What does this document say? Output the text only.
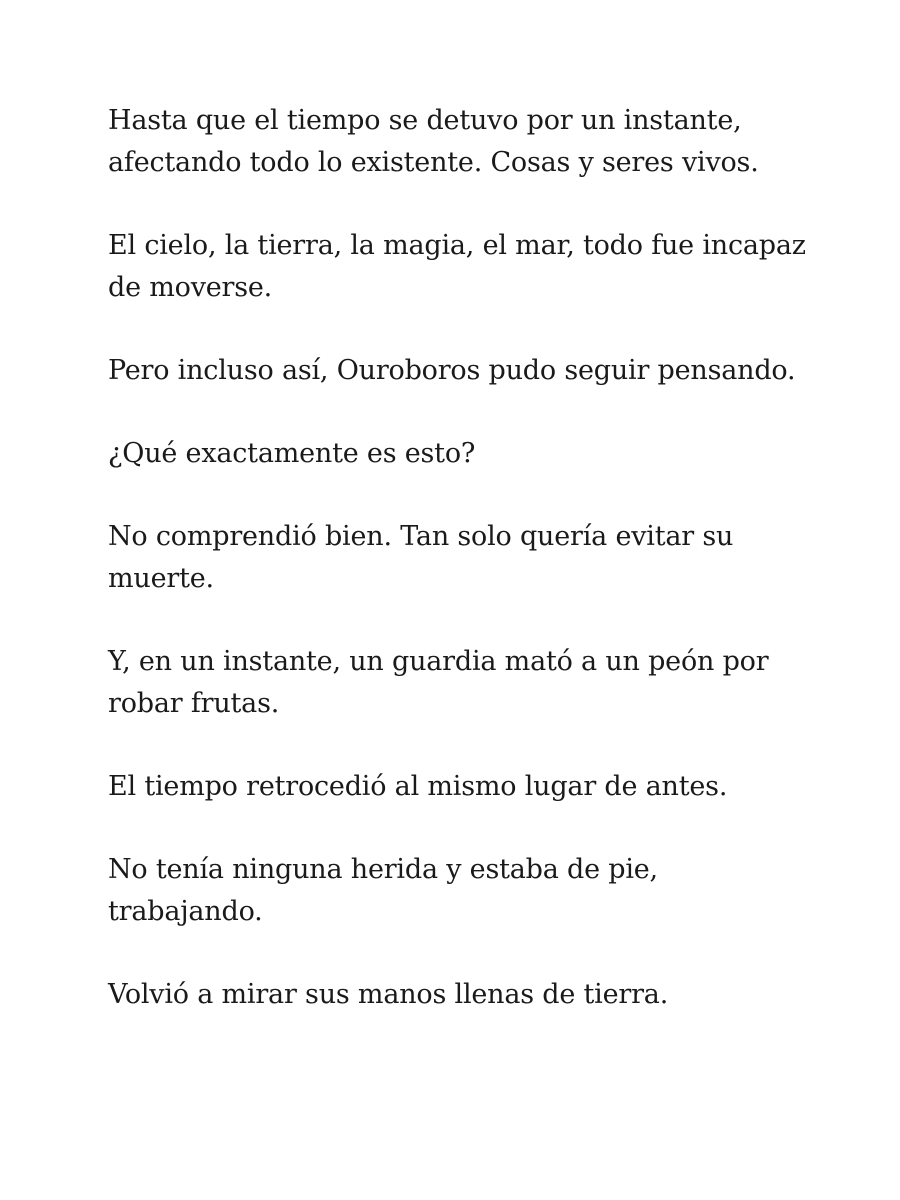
Hasta que el tiempo se detuvo por un instante, afectando todo lo existente. Cosas y seres vivos.

El cielo, la tierra, la magia, el mar, todo fue incapaz de moverse.

Pero incluso así, Ouroboros pudo seguir pensando.

¿Qué exactamente es esto?

No comprendió bien. Tan solo quería evitar su muerte.

Y, en un instante, un guardia mató a un peón por robar frutas.

El tiempo retrocedió al mismo lugar de antes.

No tenía ninguna herida y estaba de pie, trabajando.

Volvió a mirar sus manos llenas de tierra.
